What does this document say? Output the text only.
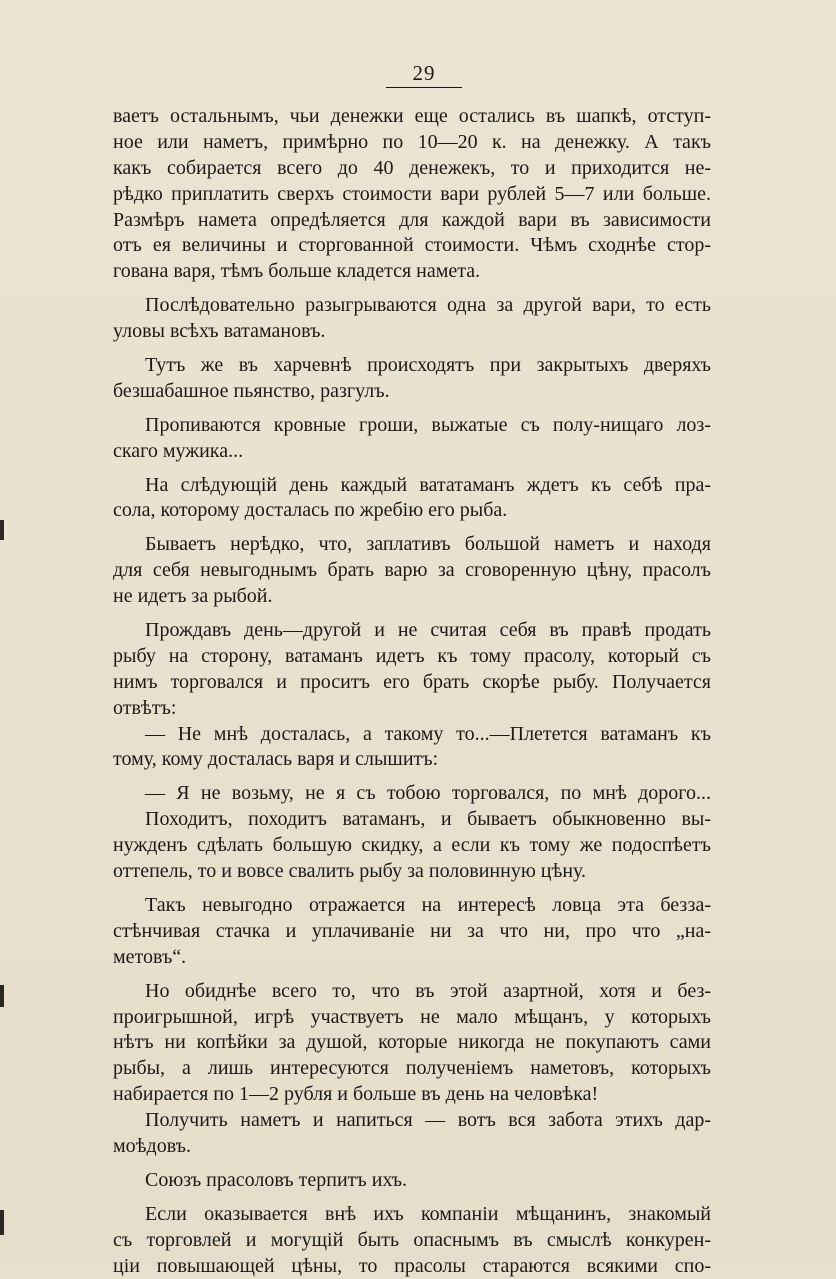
29
ваетъ остальнымъ, чьи денежки еще остались въ шапкѣ, отступ-
ное или наметъ, примѣрно по 10—20 к. на денежку. А такъ
какъ собирается всего до 40 денежекъ, то и приходится не-
рѣдко приплатить сверхъ стоимости вари рублей 5—7 или больше.
Размѣръ намета опредѣляется для каждой вари въ зависимости
отъ ея величины и сторгованной стоимости. Чѣмъ сходнѣе стор-
гована варя, тѣмъ больше кладется намета.
Послѣдовательно разыгрываются одна за другой вари, то есть
уловы всѣхъ ватамановъ.
Тутъ же въ харчевнѣ происходятъ при закрытыхъ дверяхъ
безшабашное пьянство, разгулъ.
Пропиваются кровные гроши, выжатые съ полу-нищаго лоз-
скаго мужика...
На слѣдующій день каждый вататаманъ ждетъ къ себѣ пра-
сола, которому досталась по жребію его рыба.
Бываетъ нерѣдко, что, заплативъ большой наметъ и находя
для себя невыгоднымъ брать варю за сговоренную цѣну, прасолъ
не идетъ за рыбой.
Прождавъ день—другой и не считая себя въ правѣ продать
рыбу на сторону, ватаманъ идетъ къ тому прасолу, который съ
нимъ торговался и проситъ его брать скорѣе рыбу. Получается
отвѣтъ:
— Не мнѣ досталась, а такому то...—Плетется ватаманъ къ
тому, кому досталась варя и слышитъ:
— Я не возьму, не я съ тобою торговался, по мнѣ дорого...
Походитъ, походитъ ватаманъ, и бываетъ обыкновенно вы-
нужденъ сдѣлать большую скидку, а если къ тому же подоспѣетъ
оттепель, то и вовсе свалить рыбу за половинную цѣну.
Такъ невыгодно отражается на интересѣ ловца эта безза-
стѣнчивая стачка и уплачиваніе ни за что ни, про что „на-
метовъ“.
Но обиднѣе всего то, что въ этой азартной, хотя и без-
проигрышной, игрѣ участвуетъ не мало мѣщанъ, у которыхъ
нѣтъ ни копѣйки за душой, которые никогда не покупаютъ сами
рыбы, а лишь интересуются полученіемъ наметовъ, которыхъ
набирается по 1—2 рубля и больше въ день на человѣка!
Получить наметъ и напиться — вотъ вся забота этихъ дар-
моѣдовъ.
Союзъ прасоловъ терпитъ ихъ.
Если оказывается внѣ ихъ компаніи мѣщанинъ, знакомый
съ торговлей и могущій быть опаснымъ въ смыслѣ конкурен-
ціи повышающей цѣны, то прасолы стараются всякими спо-
